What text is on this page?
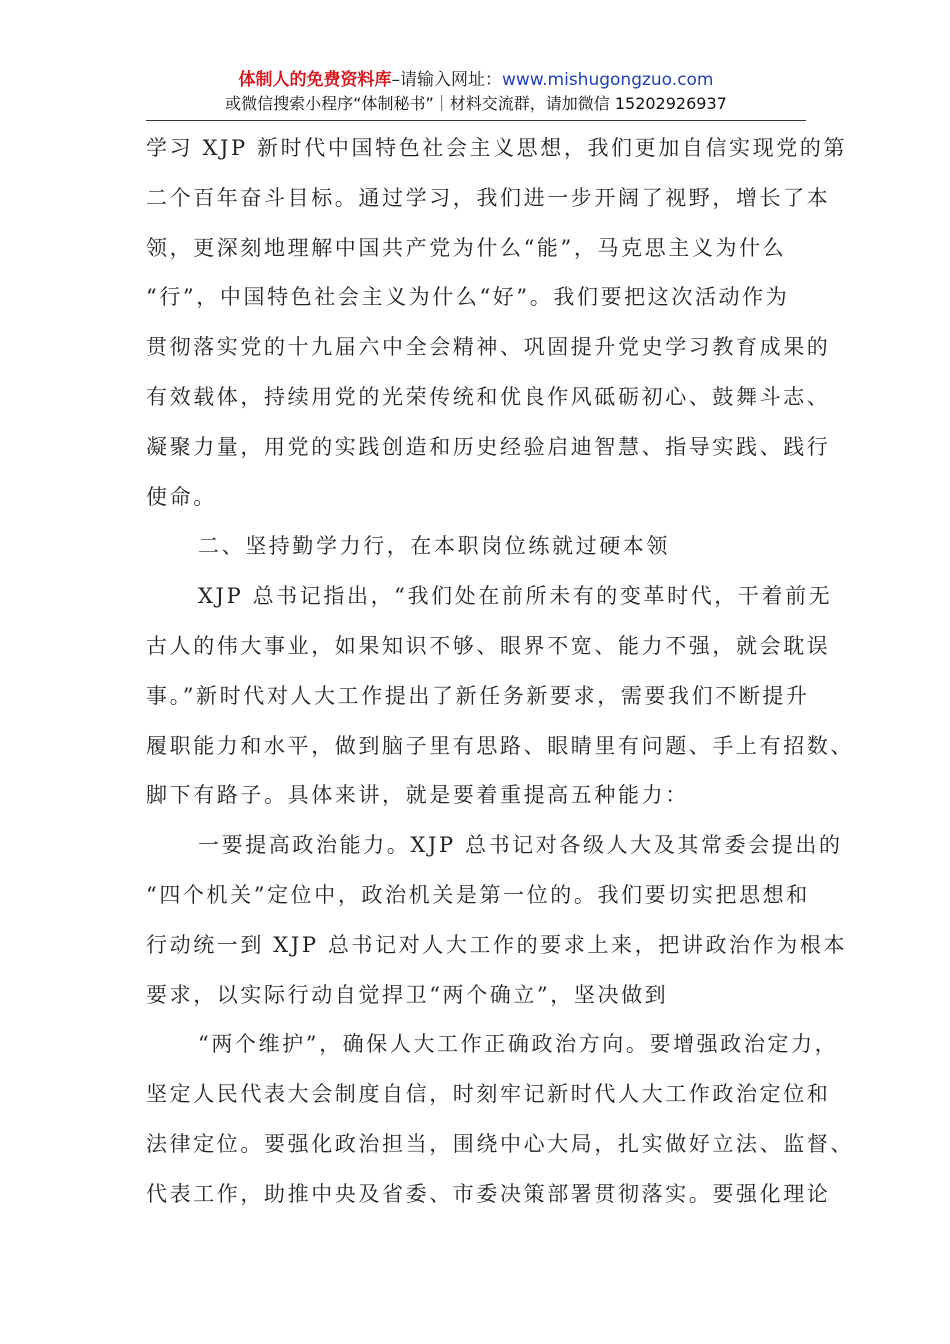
体制人的免费资料库–请输入网址：www.mishugongzuo.com
或微信搜索小程序“体制秘书”｜材料交流群，请加微信 15202926937
学习 XJP 新时代中国特色社会主义思想，我们更加自信实现党的第
二个百年奋斗目标。通过学习，我们进一步开阔了视野，增长了本
领，更深刻地理解中国共产党为什么“能”，马克思主义为什么
“行”，中国特色社会主义为什么“好”。我们要把这次活动作为
贯彻落实党的十九届六中全会精神、巩固提升党史学习教育成果的
有效载体，持续用党的光荣传统和优良作风砥砺初心、鼓舞斗志、
凝聚力量，用党的实践创造和历史经验启迪智慧、指导实践、践行
使命。
二、坚持勤学力行，在本职岗位练就过硬本领
XJP 总书记指出，“我们处在前所未有的变革时代，干着前无
古人的伟大事业，如果知识不够、眼界不宽、能力不强，就会耽误
事。”新时代对人大工作提出了新任务新要求，需要我们不断提升
履职能力和水平，做到脑子里有思路、眼睛里有问题、手上有招数、
脚下有路子。具体来讲，就是要着重提高五种能力：
一要提高政治能力。XJP 总书记对各级人大及其常委会提出的
“四个机关”定位中，政治机关是第一位的。我们要切实把思想和
行动统一到 XJP 总书记对人大工作的要求上来，把讲政治作为根本
要求，以实际行动自觉捍卫“两个确立”，坚决做到
“两个维护”，确保人大工作正确政治方向。要增强政治定力，
坚定人民代表大会制度自信，时刻牢记新时代人大工作政治定位和
法律定位。要强化政治担当，围绕中心大局，扎实做好立法、监督、
代表工作，助推中央及省委、市委决策部署贯彻落实。要强化理论
